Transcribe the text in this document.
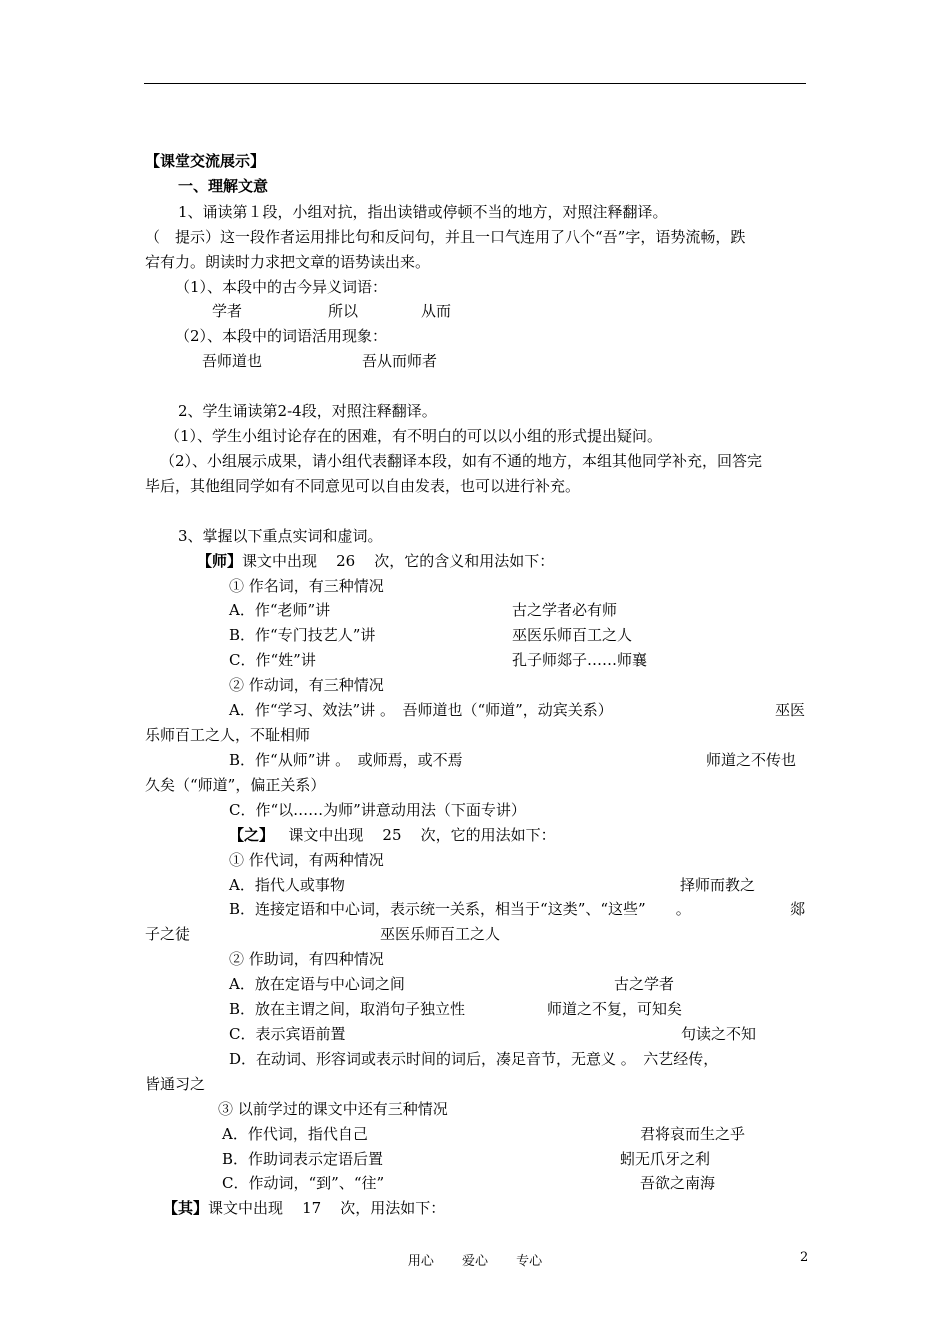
【课堂交流展示】
一、理解文意
1、诵读第１段，小组对抗，指出读错或停顿不当的地方，对照注释翻译。
（　提示）这一段作者运用排比句和反问句，并且一口气连用了八个“吾”字，语势流畅，跌
宕有力。朗读时力求把文章的语势读出来。
（1）、本段中的古今异义词语：
学者	所以	从而
（2）、本段中的词语活用现象：
吾师道也	吾从而师者
2、学生诵读第2-4段，对照注释翻译。
（1）、学生小组讨论存在的困难，有不明白的可以以小组的形式提出疑问。
（2）、小组展示成果，请小组代表翻译本段，如有不通的地方，本组其他同学补充，回答完
毕后，其他组同学如有不同意见可以自由发表，也可以进行补充。
3、掌握以下重点实词和虚词。
【师】课文中出现 26 次，它的含义和用法如下：
① 作名词，有三种情况
A．作“老师”讲	古之学者必有师
B．作“专门技艺人”讲	巫医乐师百工之人
C．作“姓”讲	孔子师郯子……师襄
② 作动词，有三种情况
A．作“学习、效法”讲 。　吾师道也（“师道”，动宾关系）	巫医
乐师百工之人，不耻相师
B．作“从师”讲 。　或师焉，或不焉	师道之不传也
久矣（“师道”，偏正关系）
C．作“以……为师”讲意动用法（下面专讲）
【之】 课文中出现 25 次，它的用法如下：
① 作代词，有两种情况
A．指代人或事物	择师而教之
B．连接定语和中心词，表示统一关系，相当于“这类”、“这些”　　。	郯
子之徒	巫医乐师百工之人
② 作助词，有四种情况
A．放在定语与中心词之间	古之学者
B．放在主谓之间，取消句子独立性	师道之不复，可知矣
C．表示宾语前置	句读之不知
D．在动词、形容词或表示时间的词后，凑足音节，无意义 。　六艺经传，
皆通习之
③ 以前学过的课文中还有三种情况
A．作代词，指代自己	君将哀而生之乎
B．作助词表示定语后置	蚓无爪牙之利
C．作动词，“到”、“往”	吾欲之南海
【其】课文中出现 17 次，用法如下：
用心 爱心 专心	2
